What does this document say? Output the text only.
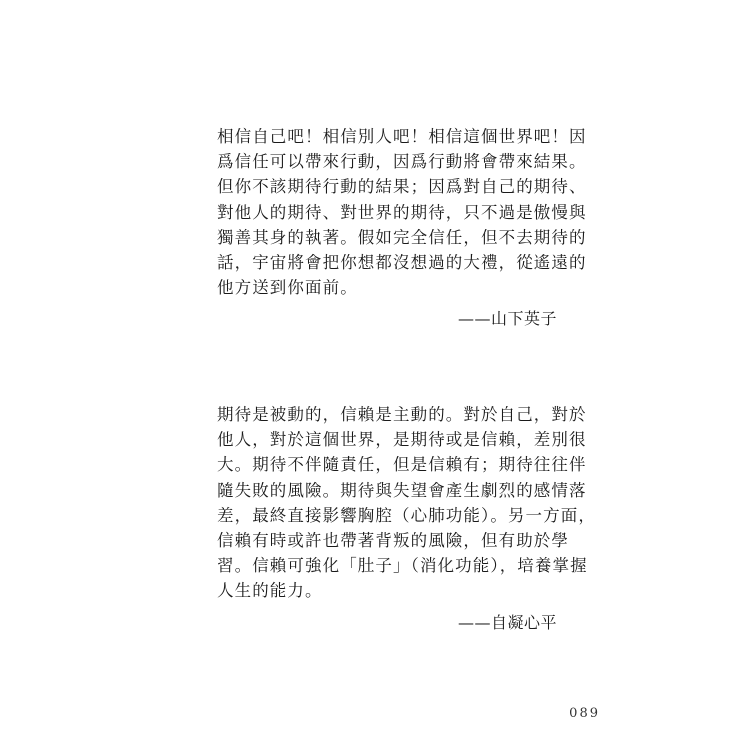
相信自己吧！相信別人吧！相信這個世界吧！因
爲信任可以帶來行動，因爲行動將會帶來結果。
但你不該期待行動的結果；因爲對自己的期待、
對他人的期待、對世界的期待，只不過是傲慢與
獨善其身的執著。假如完全信任，但不去期待的
話，宇宙將會把你想都沒想過的大禮，從遙遠的
他方送到你面前。
——山下英子
期待是被動的，信賴是主動的。對於自己，對於
他人，對於這個世界，是期待或是信賴，差別很
大。期待不伴隨責任，但是信賴有；期待往往伴
隨失敗的風險。期待與失望會產生劇烈的感情落
差，最終直接影響胸腔（心肺功能）。另一方面，
信賴有時或許也帶著背叛的風險，但有助於學
習。信賴可強化「肚子」（消化功能），培養掌握
人生的能力。
——自凝心平
089
